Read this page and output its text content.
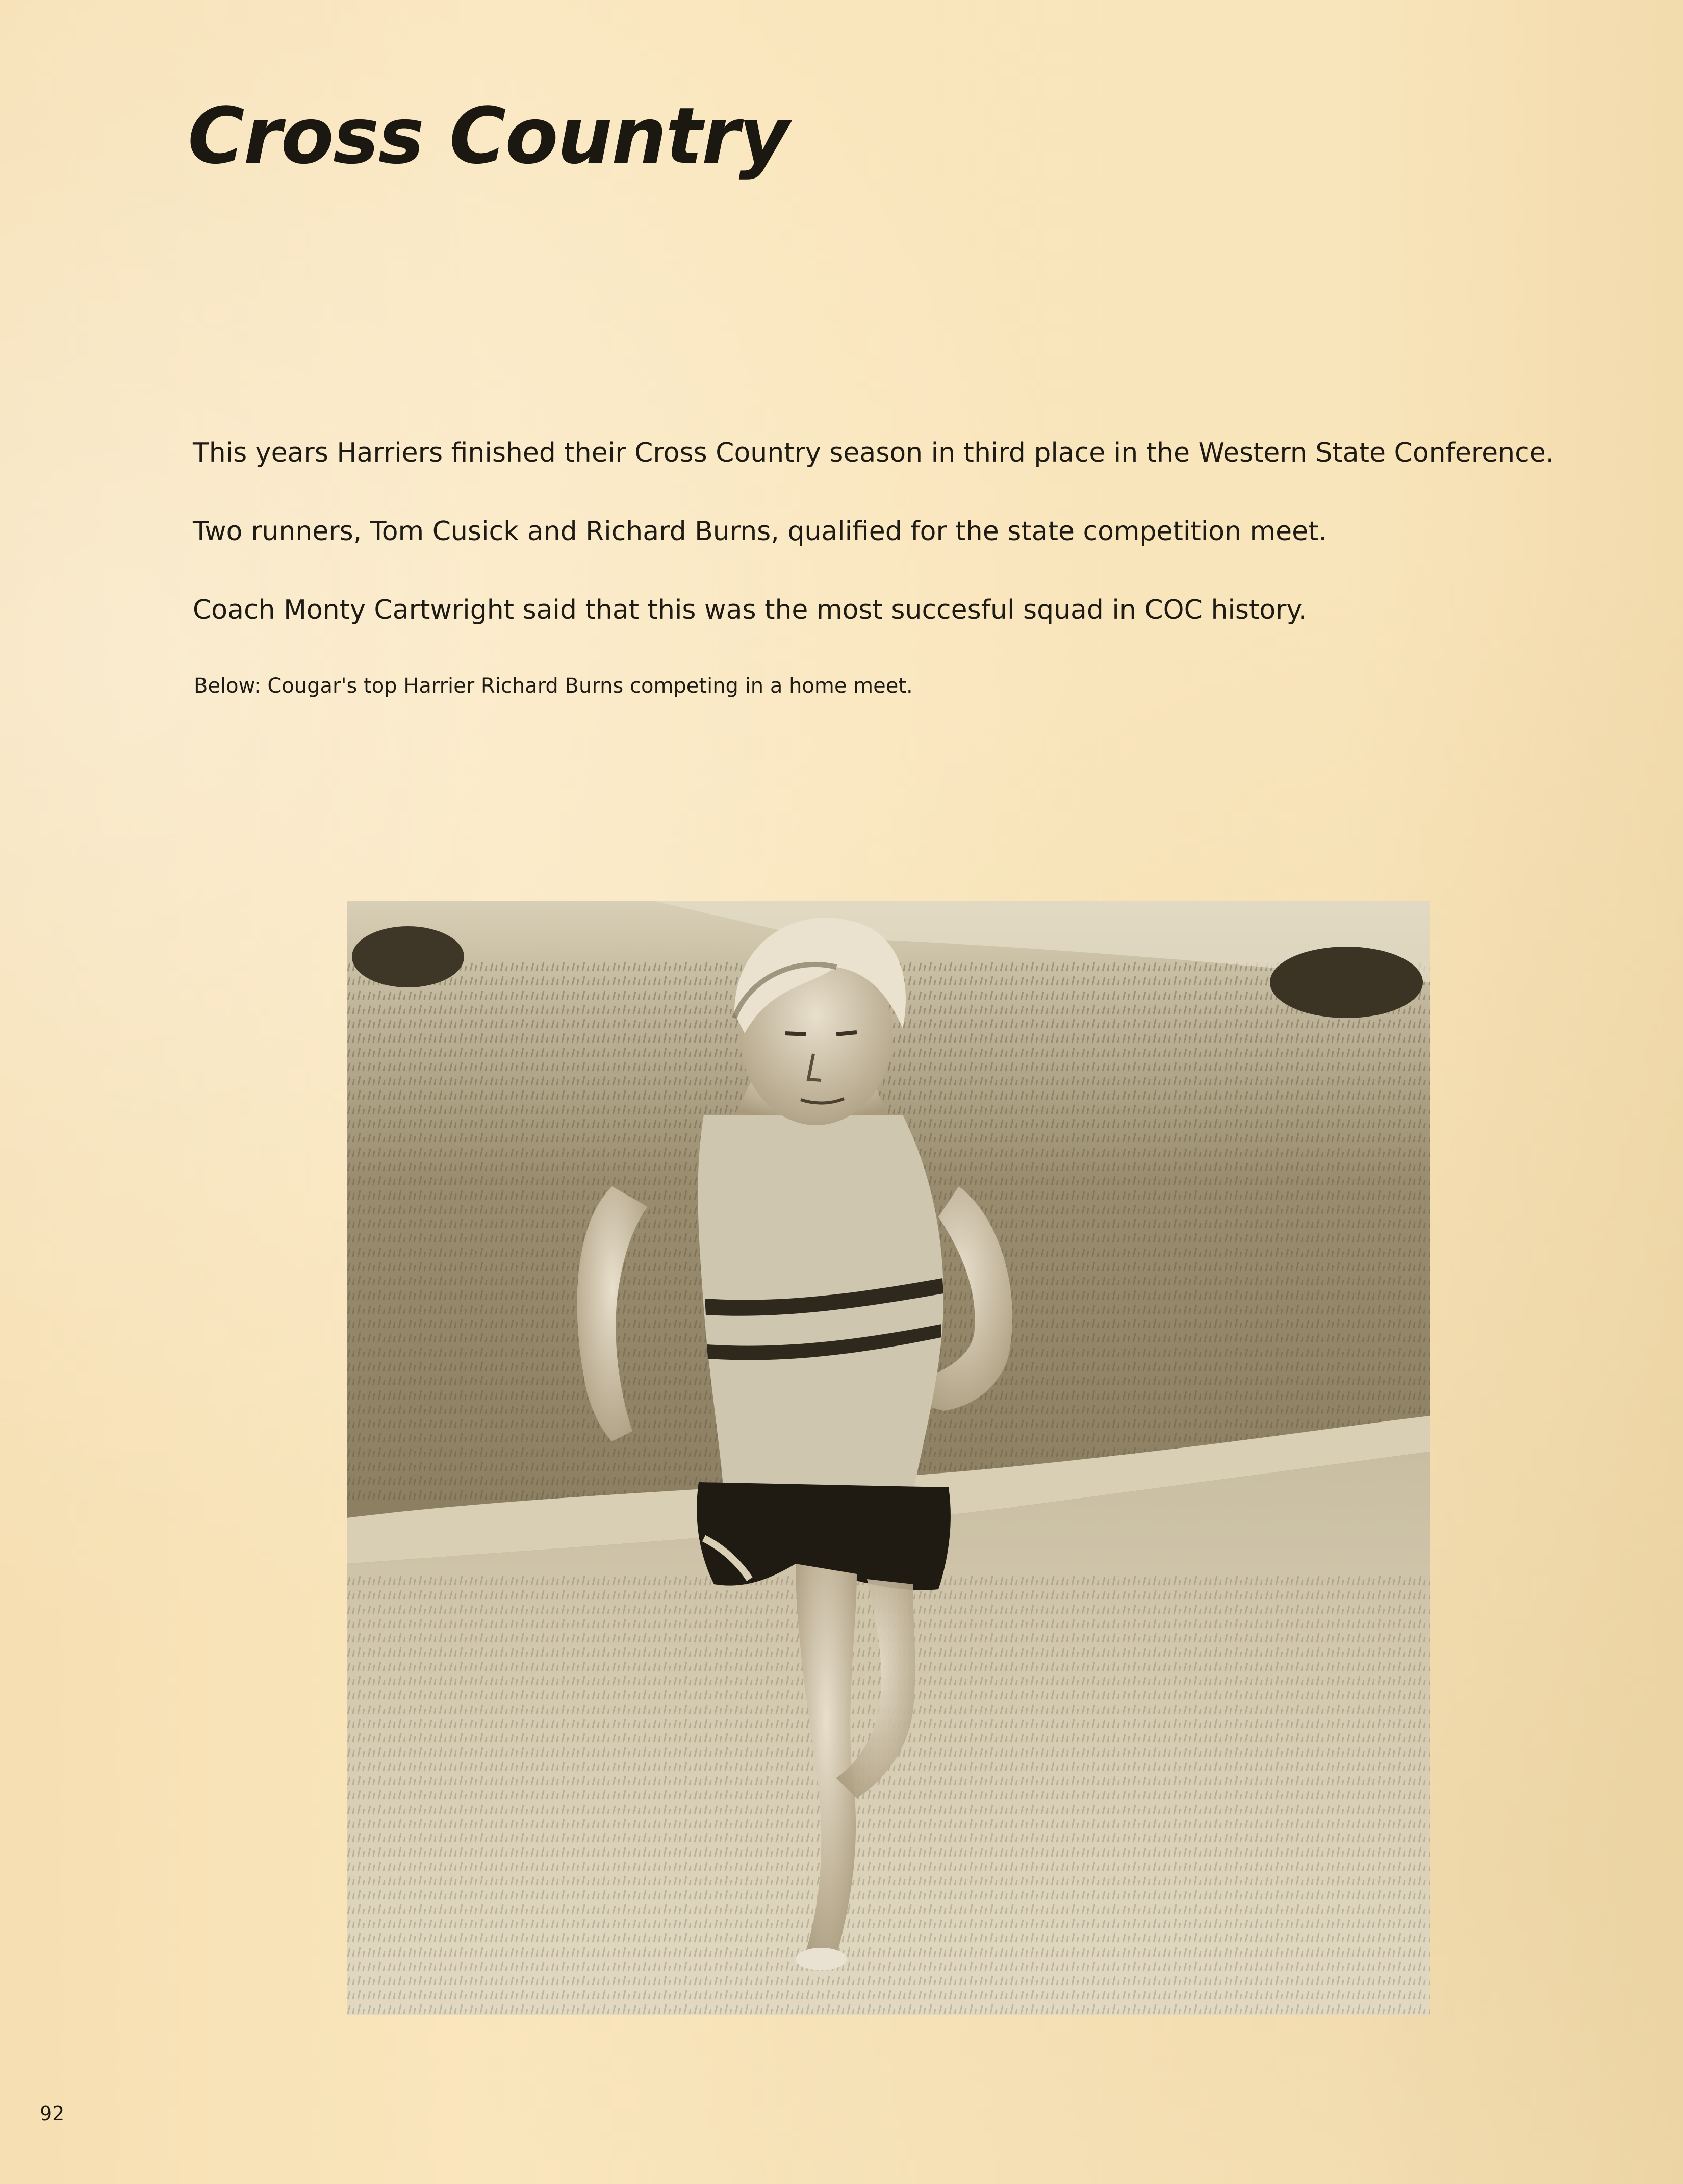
Cross Country
This years Harriers finished their Cross Country season in third place in the Western State Conference.
Two runners, Tom Cusick and Richard Burns, qualified for the state competition meet.
Coach Monty Cartwright said that this was the most succesful squad in COC history.
Below: Cougar's top Harrier Richard Burns competing in a home meet.
92
